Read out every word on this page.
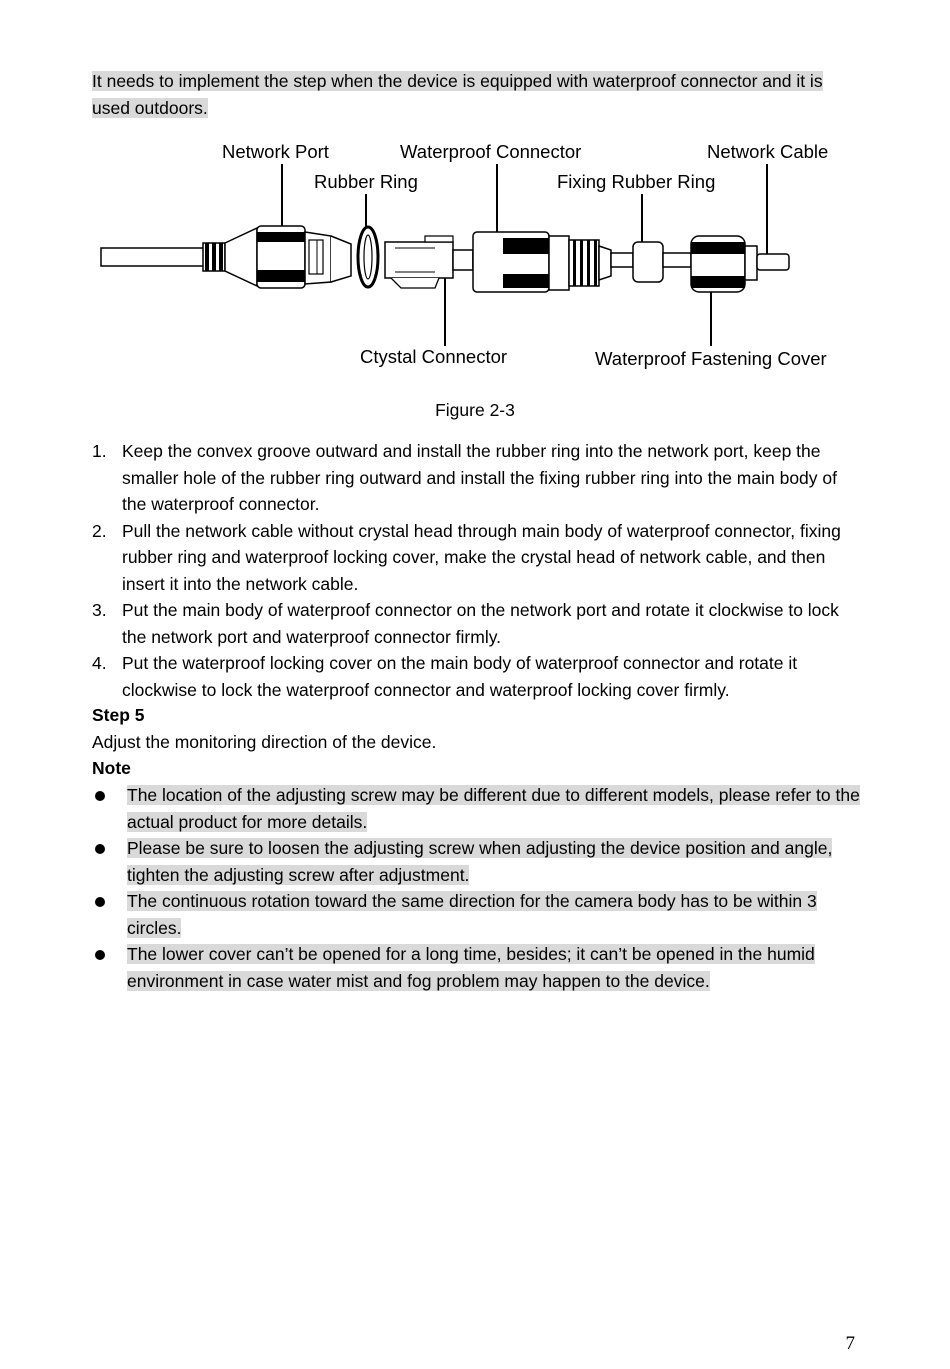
It needs to implement the step when the device is equipped with waterproof connector and it is used outdoors.
Network Port
Rubber Ring
Waterproof Connector
Fixing Rubber Ring
Network Cable
Ctystal Connector	Waterproof Fastening Cover
Figure 2-3
1. Keep the convex groove outward and install the rubber ring into the network port, keep the smaller hole of the rubber ring outward and install the fixing rubber ring into the main body of the waterproof connector.
2. Pull the network cable without crystal head through main body of waterproof connector, fixing rubber ring and waterproof locking cover, make the crystal head of network cable, and then insert it into the network cable.
3. Put the main body of waterproof connector on the network port and rotate it clockwise to lock the network port and waterproof connector firmly.
4. Put the waterproof locking cover on the main body of waterproof connector and rotate it clockwise to lock the waterproof connector and waterproof locking cover firmly.
Step 5
Adjust the monitoring direction of the device.
Note
The location of the adjusting screw may be different due to different models, please refer to the actual product for more details.
Please be sure to loosen the adjusting screw when adjusting the device position and angle, tighten the adjusting screw after adjustment.
The continuous rotation toward the same direction for the camera body has to be within 3 circles.
The lower cover can’t be opened for a long time, besides; it can’t be opened in the humid environment in case water mist and fog problem may happen to the device.
7
